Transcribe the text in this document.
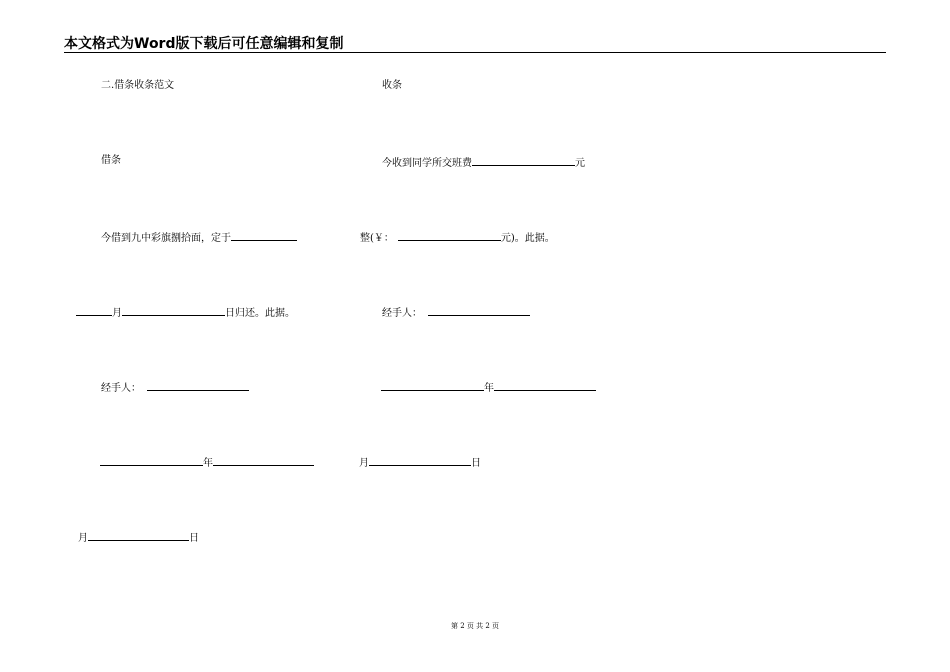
本文格式为Word版下载后可任意编辑和复制
二.借条收条范文
借条
今借到九中彩旗捌拾面，定于
月	日归还。此据。
经手人：
年
月	日
收条
今收到同学所交班费	元
整(￥：	元)。此据。
经手人：
年
月	日
第 2 页 共 2 页
